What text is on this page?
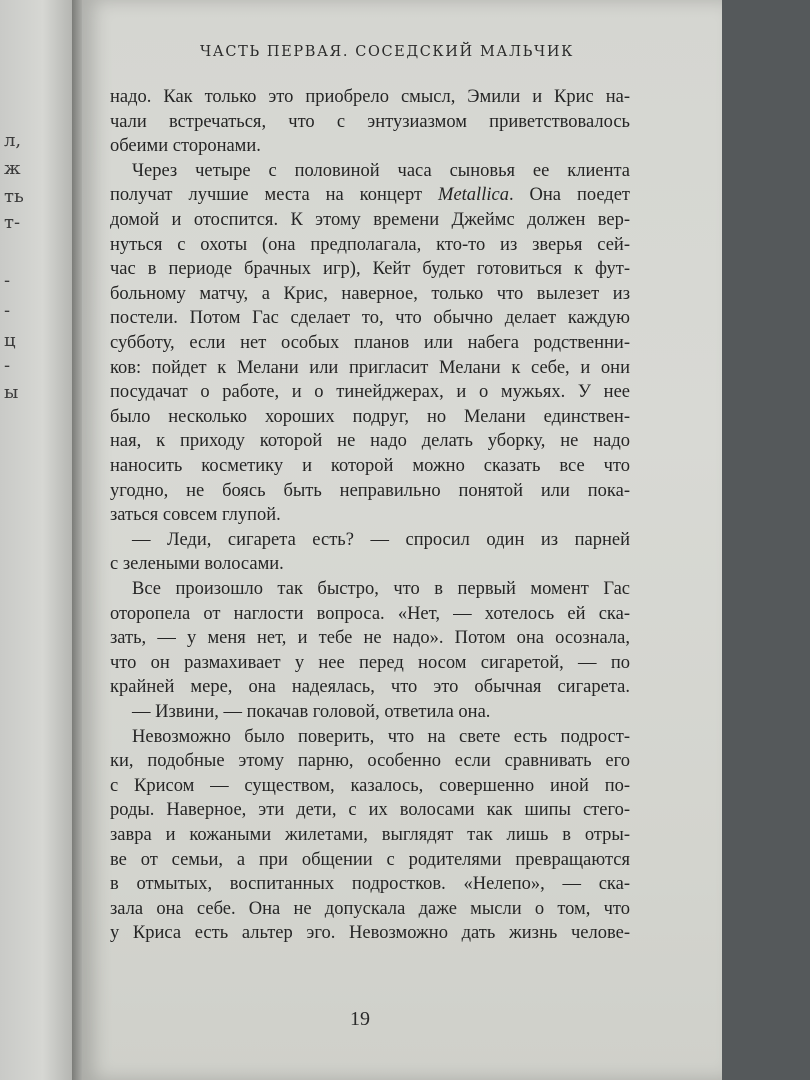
л,
ж
ть
т-
-
-
ц
-
ы
ЧАСТЬ ПЕРВАЯ. СОСЕДСКИЙ МАЛЬЧИК
надо. Как только это приобрело смысл, Эмили и Крис на-
чали встречаться, что с энтузиазмом приветствовалось
обеими сторонами.
Через четыре с половиной часа сыновья ее клиента
получат лучшие места на концерт Metallica. Она поедет
домой и отоспится. К этому времени Джеймс должен вер-
нуться с охоты (она предполагала, кто-то из зверья сей-
час в периоде брачных игр), Кейт будет готовиться к фут-
больному матчу, а Крис, наверное, только что вылезет из
постели. Потом Гас сделает то, что обычно делает каждую
субботу, если нет особых планов или набега родственни-
ков: пойдет к Мелани или пригласит Мелани к себе, и они
посудачат о работе, и о тинейджерах, и о мужьях. У нее
было несколько хороших подруг, но Мелани единствен-
ная, к приходу которой не надо делать уборку, не надо
наносить косметику и которой можно сказать все что
угодно, не боясь быть неправильно понятой или пока-
заться совсем глупой.
— Леди, сигарета есть? — спросил один из парней
с зелеными волосами.
Все произошло так быстро, что в первый момент Гас
оторопела от наглости вопроса. «Нет, — хотелось ей ска-
зать, — у меня нет, и тебе не надо». Потом она осознала,
что он размахивает у нее перед носом сигаретой, — по
крайней мере, она надеялась, что это обычная сигарета.
— Извини, — покачав головой, ответила она.
Невозможно было поверить, что на свете есть подрост-
ки, подобные этому парню, особенно если сравнивать его
с Крисом — существом, казалось, совершенно иной по-
роды. Наверное, эти дети, с их волосами как шипы стего-
завра и кожаными жилетами, выглядят так лишь в отры-
ве от семьи, а при общении с родителями превращаются
в отмытых, воспитанных подростков. «Нелепо», — ска-
зала она себе. Она не допускала даже мысли о том, что
у Криса есть альтер эго. Невозможно дать жизнь челове-
19
